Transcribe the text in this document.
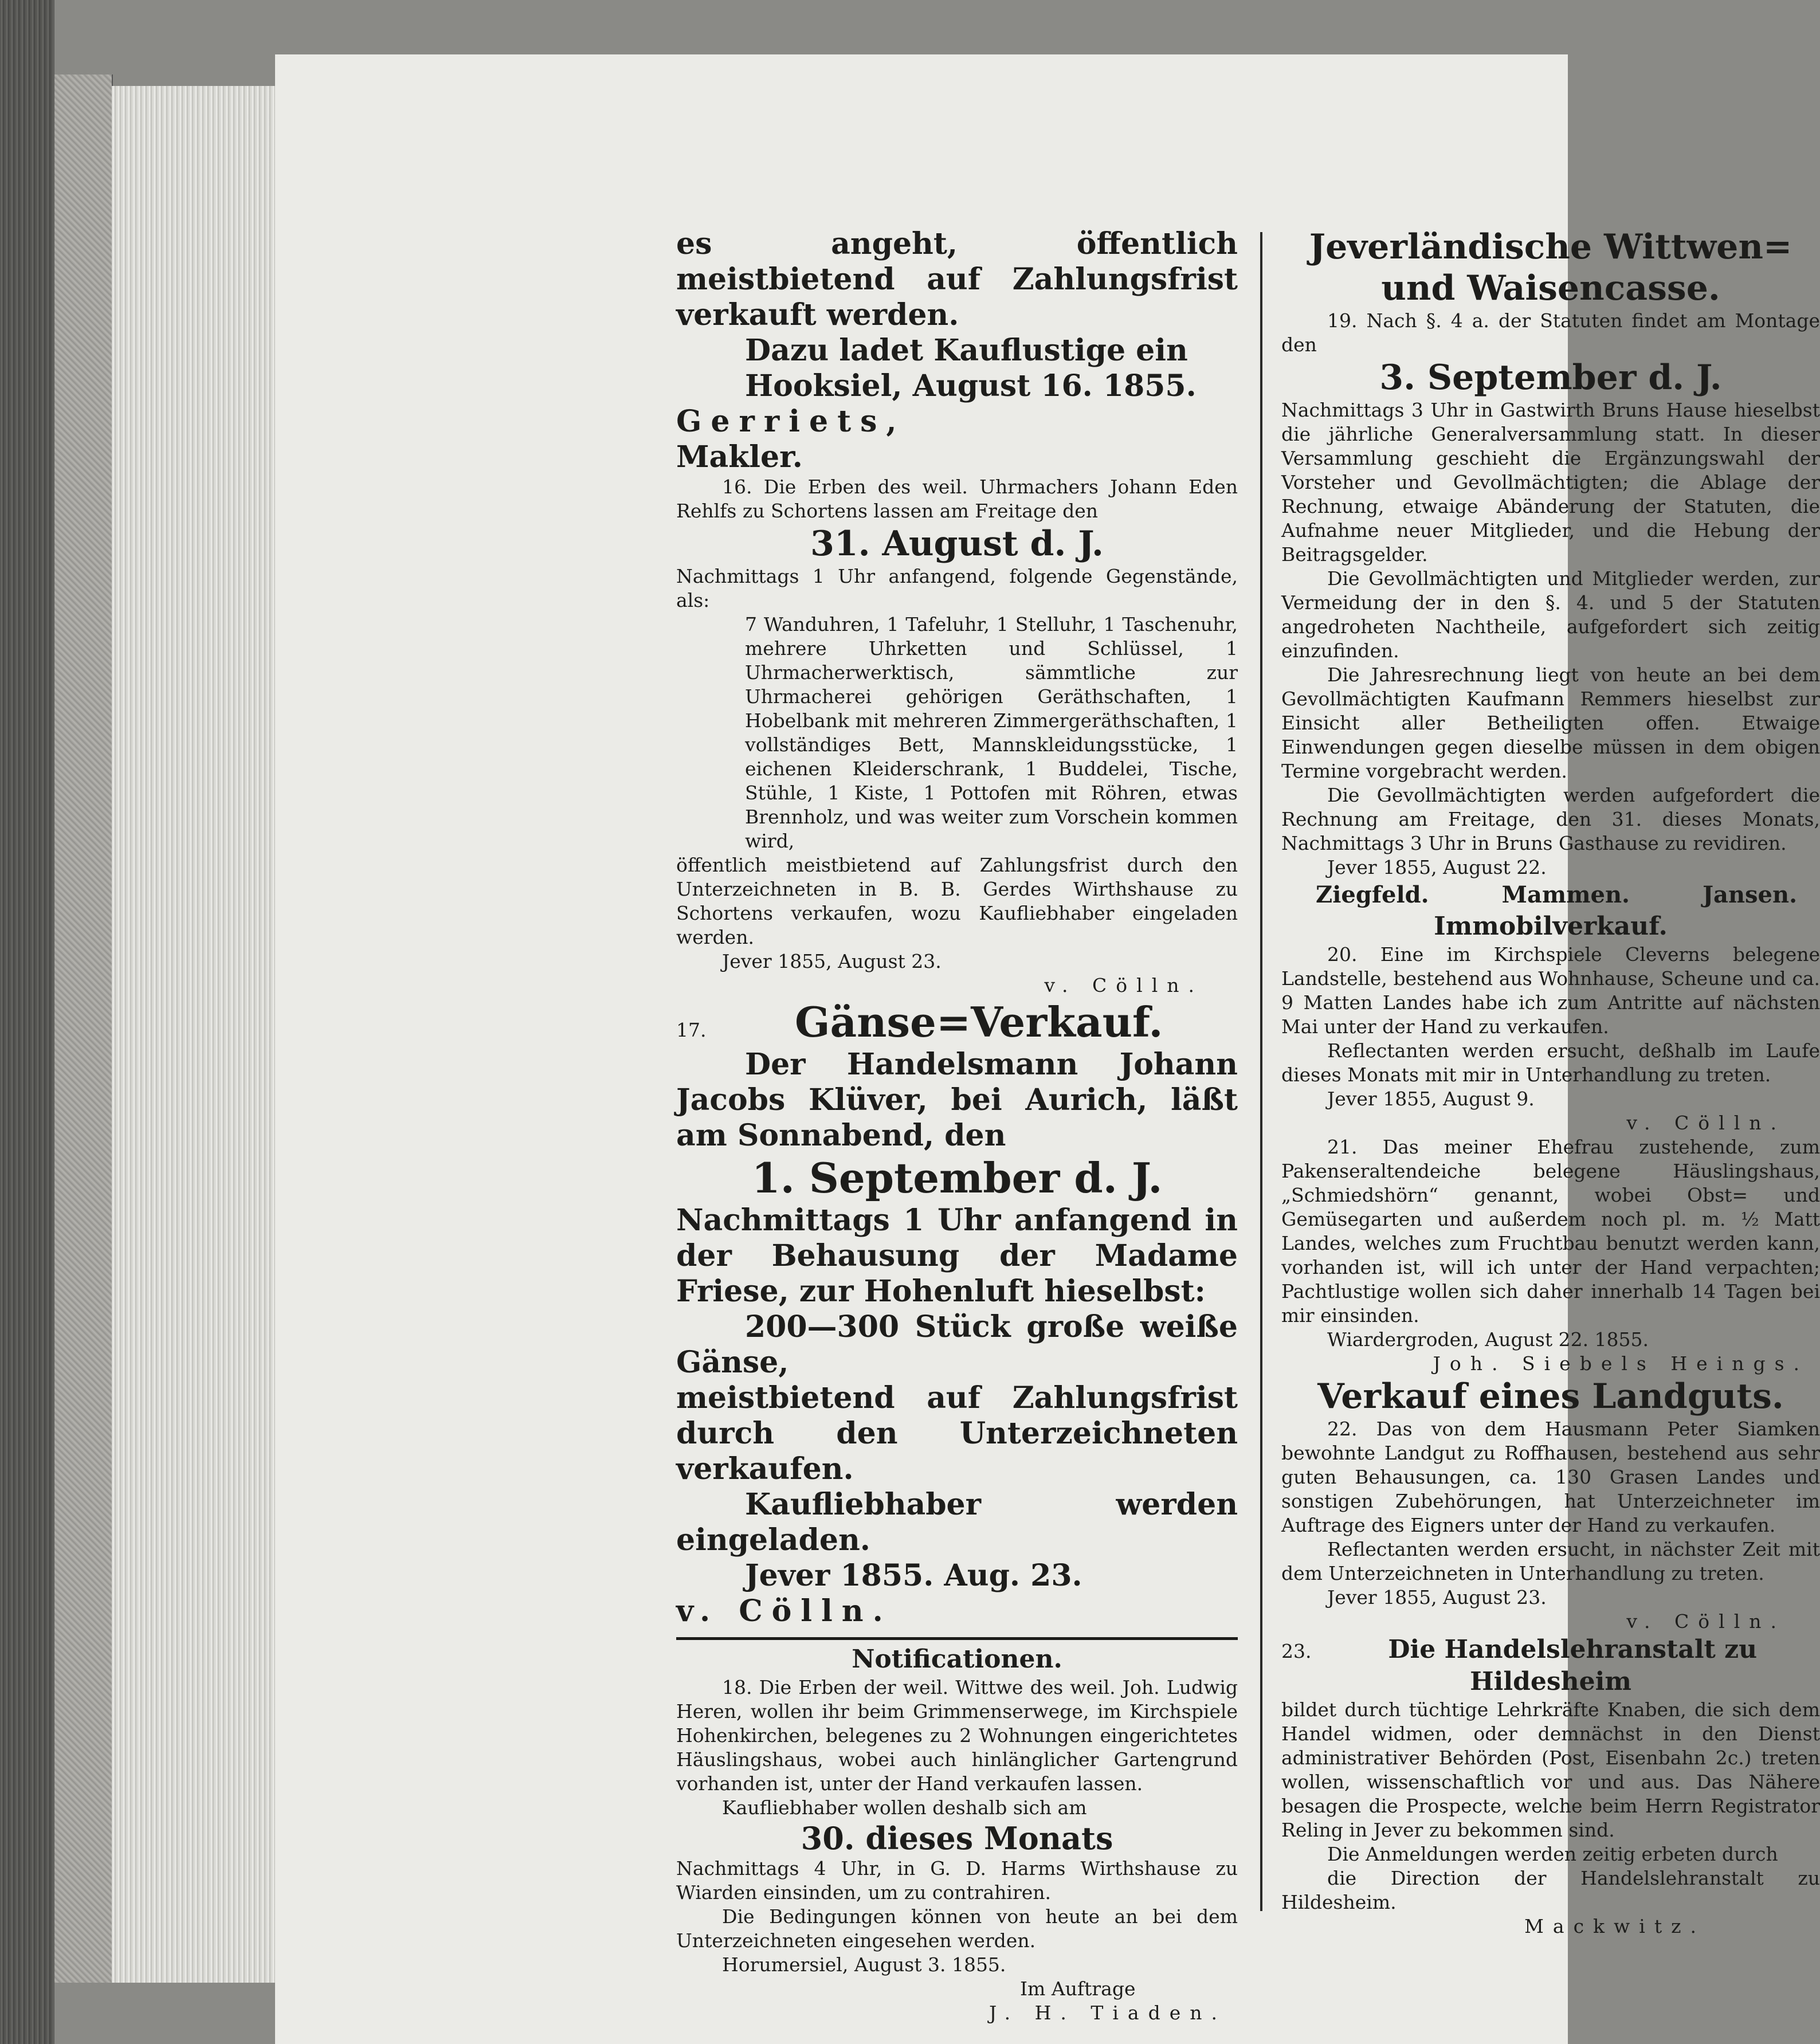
es angeht, öffentlich meistbietend auf Zahlungsfrist verkauft werden.

Dazu ladet Kauflustige ein

Hooksiel, August 16. 1855.

Gerriets,

Makler.

16. Die Erben des weil. Uhrmachers Johann Eden Rehlfs zu Schortens lassen am Freitage den

31. August d. J.

Nachmittags 1 Uhr anfangend, folgende Gegenstände, als:

7 Wanduhren, 1 Tafeluhr, 1 Stelluhr, 1 Taschenuhr, mehrere Uhrketten und Schlüssel, 1 Uhrmacherwerktisch, sämmtliche zur Uhrmacherei gehörigen Geräthschaften, 1 Hobelbank mit mehreren Zimmergeräthschaften, 1 vollständiges Bett, Mannskleidungsstücke, 1 eichenen Kleiderschrank, 1 Buddelei, Tische, Stühle, 1 Kiste, 1 Pottofen mit Röhren, etwas Brennholz, und was weiter zum Vorschein kommen wird,

öffentlich meistbietend auf Zahlungsfrist durch den Unterzeichneten in B. B. Gerdes Wirthshause zu Schortens verkaufen, wozu Kaufliebhaber eingeladen werden.

Jever 1855, August 23.

v. Cölln.

17.	Gänse=Verkauf.

Der Handelsmann Johann Jacobs Klüver, bei Aurich, läßt am Sonnabend, den

1. September d. J.

Nachmittags 1 Uhr anfangend in der Behausung der Madame Friese, zur Hohenluft hieselbst:

200—300 Stück große weiße Gänse,

meistbietend auf Zahlungsfrist durch den Unterzeichneten verkaufen.

Kaufliebhaber werden eingeladen.

Jever 1855. Aug. 23.

v. Cölln.

Notificationen.

18. Die Erben der weil. Wittwe des weil. Joh. Ludwig Heren, wollen ihr beim Grimmenserwege, im Kirchspiele Hohenkirchen, belegenes zu 2 Wohnungen eingerichtetes Häuslingshaus, wobei auch hinlänglicher Gartengrund vorhanden ist, unter der Hand verkaufen lassen.

Kaufliebhaber wollen deshalb sich am

30. dieses Monats

Nachmittags 4 Uhr, in G. D. Harms Wirthshause zu Wiarden einsinden, um zu contrahiren.

Die Bedingungen können von heute an bei dem Unterzeichneten eingesehen werden.

Horumersiel, August 3. 1855.

Im Auftrage

J. H. Tiaden.

Jeverländische Wittwen= und Waisencasse.

19. Nach §. 4 a. der Statuten findet am Montage den

3. September d. J.

Nachmittags 3 Uhr in Gastwirth Bruns Hause hieselbst die jährliche Generalversammlung statt. In dieser Versammlung geschieht die Ergänzungswahl der Vorsteher und Gevollmächtigten; die Ablage der Rechnung, etwaige Abänderung der Statuten, die Aufnahme neuer Mitglieder, und die Hebung der Beitragsgelder.

Die Gevollmächtigten und Mitglieder werden, zur Vermeidung der in den §. 4. und 5 der Statuten angedroheten Nachtheile, aufgefordert sich zeitig einzufinden.

Die Jahresrechnung liegt von heute an bei dem Gevollmächtigten Kaufmann Remmers hieselbst zur Einsicht aller Betheiligten offen. Etwaige Einwendungen gegen dieselbe müssen in dem obigen Termine vorgebracht werden.

Die Gevollmächtigten werden aufgefordert die Rechnung am Freitage, den 31. dieses Monats, Nachmittags 3 Uhr in Bruns Gasthause zu revidiren.

Jever 1855, August 22.

Ziegfeld.	Mammen.	Jansen.

Immobilverkauf.

20. Eine im Kirchspiele Cleverns belegene Landstelle, bestehend aus Wohnhause, Scheune und ca. 9 Matten Landes habe ich zum Antritte auf nächsten Mai unter der Hand zu verkaufen.

Reflectanten werden ersucht, deßhalb im Laufe dieses Monats mit mir in Unterhandlung zu treten.

Jever 1855, August 9.

v. Cölln.

21. Das meiner Ehefrau zustehende, zum Pakenseraltendeiche belegene Häuslingshaus, „Schmiedshörn“ genannt, wobei Obst= und Gemüsegarten und außerdem noch pl. m. ½ Matt Landes, welches zum Fruchtbau benutzt werden kann, vorhanden ist, will ich unter der Hand verpachten; Pachtlustige wollen sich daher innerhalb 14 Tagen bei mir einsinden.

Wiardergroden, August 22. 1855.

Joh. Siebels Heings.

Verkauf eines Landguts.

22. Das von dem Hausmann Peter Siamken bewohnte Landgut zu Roffhausen, bestehend aus sehr guten Behausungen, ca. 130 Grasen Landes und sonstigen Zubehörungen, hat Unterzeichneter im Auftrage des Eigners unter der Hand zu verkaufen.

Reflectanten werden ersucht, in nächster Zeit mit dem Unterzeichneten in Unterhandlung zu treten.

Jever 1855, August 23.

v. Cölln.

23.	Die Handelslehranstalt zu

Hildesheim

bildet durch tüchtige Lehrkräfte Knaben, die sich dem Handel widmen, oder demnächst in den Dienst administrativer Behörden (Post, Eisenbahn 2c.) treten wollen, wissenschaftlich vor und aus. Das Nähere besagen die Prospecte, welche beim Herrn Registrator Reling in Jever zu bekommen sind.

Die Anmeldungen werden zeitig erbeten durch

die Direction der Handelslehranstalt zu Hildesheim.

Mackwitz.
